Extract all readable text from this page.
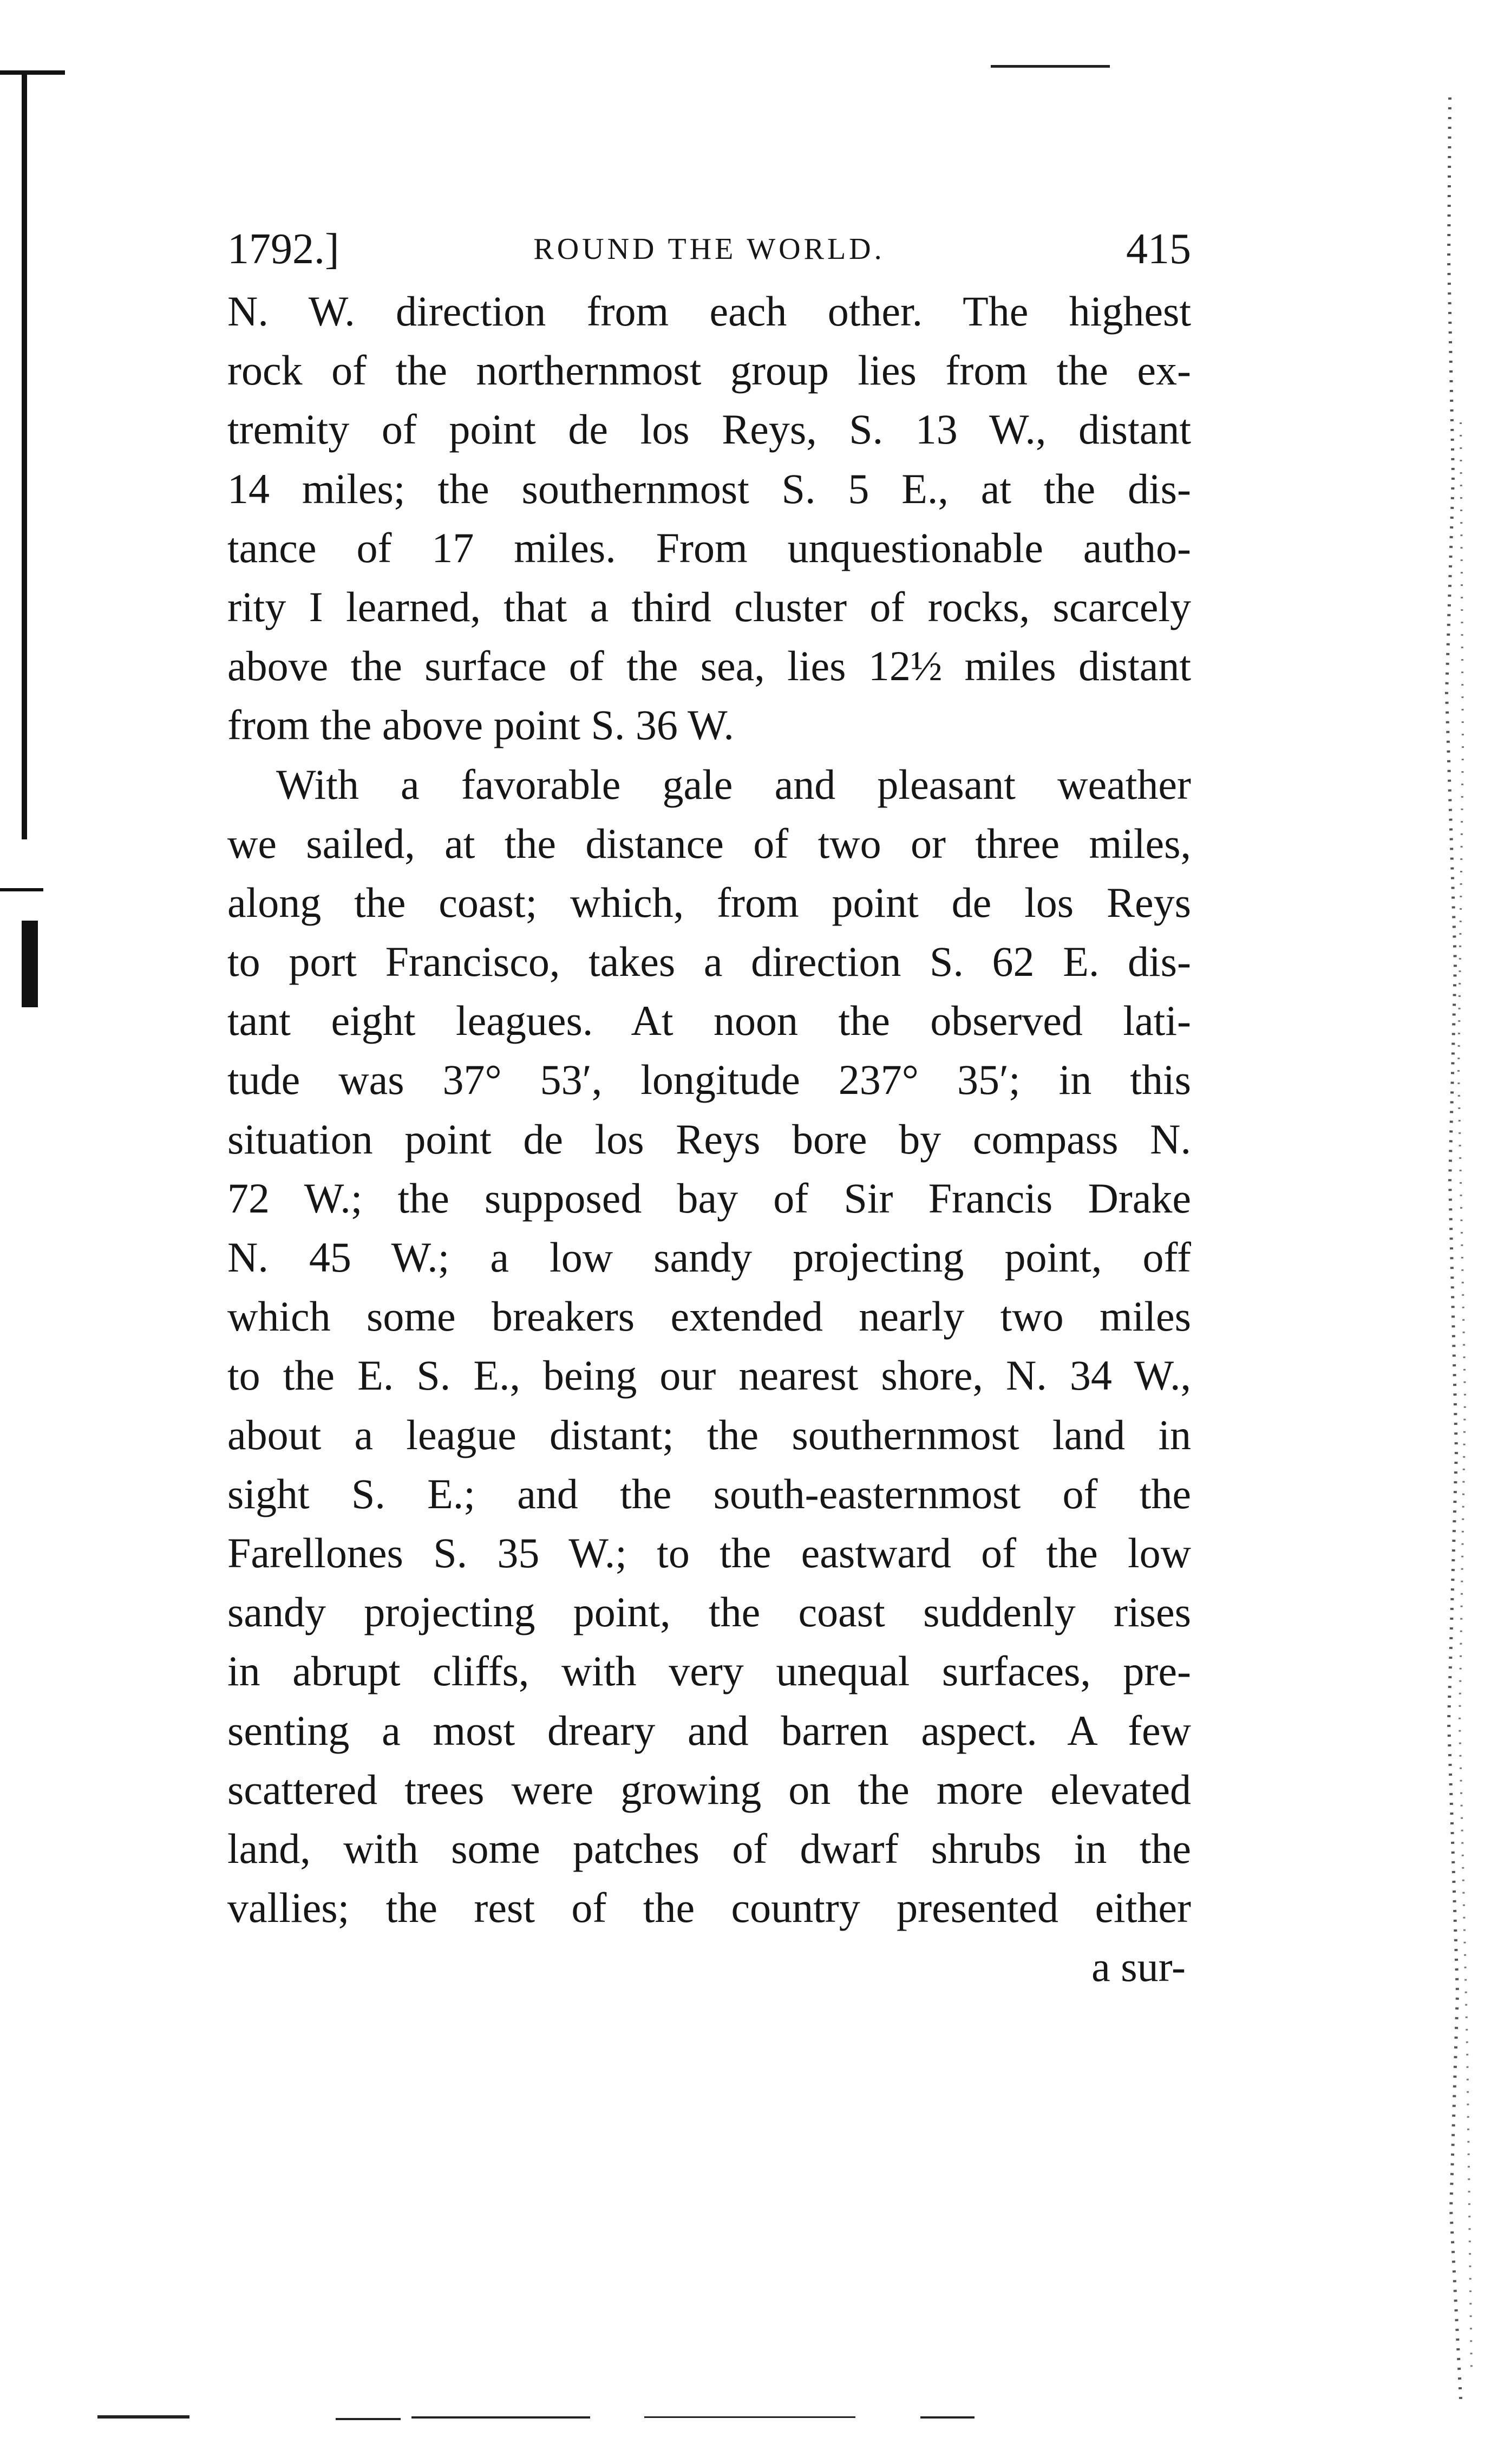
1792.]	ROUND THE WORLD.	415

N. W. direction from each other. The highest
rock of the northernmost group lies from the ex-
tremity of point de los Reys, S. 13 W., distant
14 miles; the southernmost S. 5 E., at the dis-
tance of 17 miles. From unquestionable autho-
rity I learned, that a third cluster of rocks, scarcely
above the surface of the sea, lies 12½ miles distant
from the above point S. 36 W.

With a favorable gale and pleasant weather
we sailed, at the distance of two or three miles,
along the coast; which, from point de los Reys
to port Francisco, takes a direction S. 62 E. dis-
tant eight leagues. At noon the observed lati-
tude was 37° 53′, longitude 237° 35′; in this
situation point de los Reys bore by compass N.
72 W.; the supposed bay of Sir Francis Drake
N. 45 W.; a low sandy projecting point, off
which some breakers extended nearly two miles
to the E. S. E., being our nearest shore, N. 34 W.,
about a league distant; the southernmost land in
sight S. E.; and the south-easternmost of the
Farellones S. 35 W.; to the eastward of the low
sandy projecting point, the coast suddenly rises
in abrupt cliffs, with very unequal surfaces, pre-
senting a most dreary and barren aspect. A few
scattered trees were growing on the more elevated
land, with some patches of dwarf shrubs in the
vallies; the rest of the country presented either

a sur-
